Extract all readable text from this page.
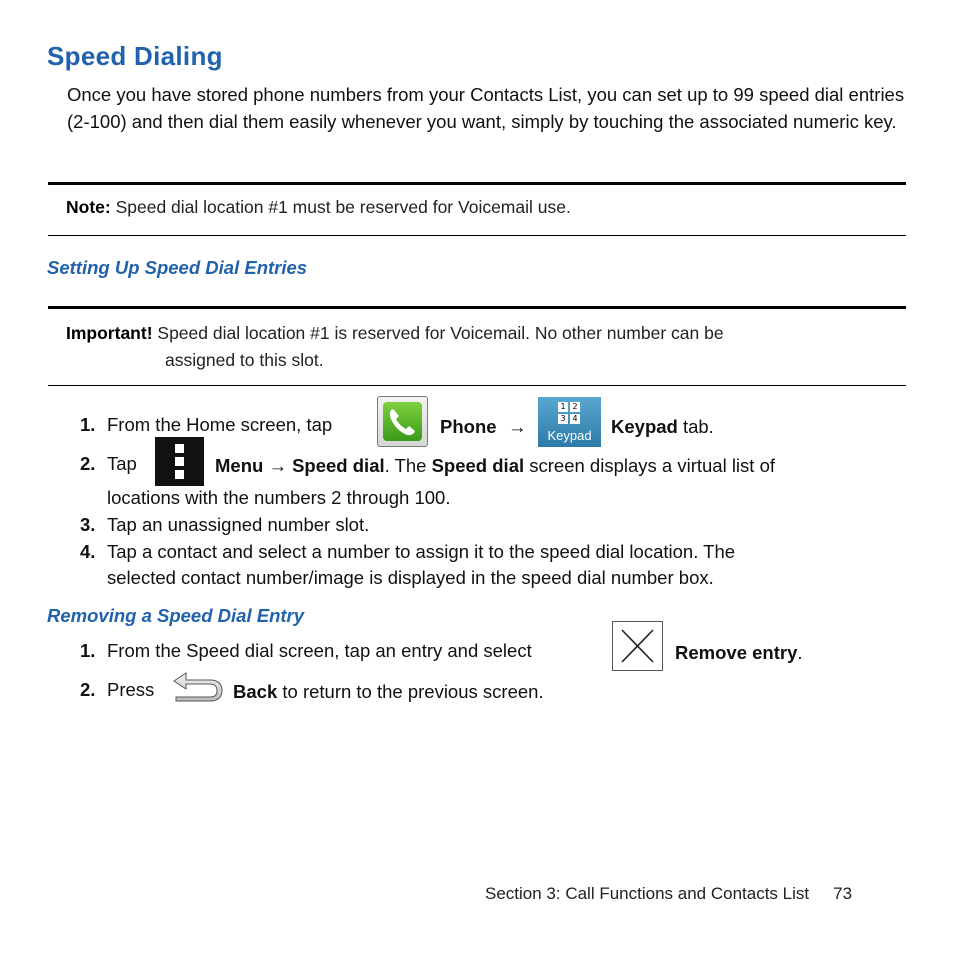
Speed Dialing
Once you have stored phone numbers from your Contacts List, you can set up to 99 speed dial entries (2-100) and then dial them easily whenever you want, simply by touching the associated numeric key.
Note: Speed dial location #1 must be reserved for Voicemail use.
Setting Up Speed Dial Entries
Important! Speed dial location #1 is reserved for Voicemail. No other number can be
assigned to this slot.
1. From the Home screen, tap	Phone →
1 2
3 4
Keypad	Keypad tab.
2. Tap	Menu → Speed dial. The Speed dial screen displays a virtual list of
locations with the numbers 2 through 100.
3. Tap an unassigned number slot.
4. Tap a contact and select a number to assign it to the speed dial location. The
selected contact number/image is displayed in the speed dial number box.
Removing a Speed Dial Entry
1. From the Speed dial screen, tap an entry and select	Remove entry.
2. Press	Back to return to the previous screen.
Section 3: Call Functions and Contacts List 73
